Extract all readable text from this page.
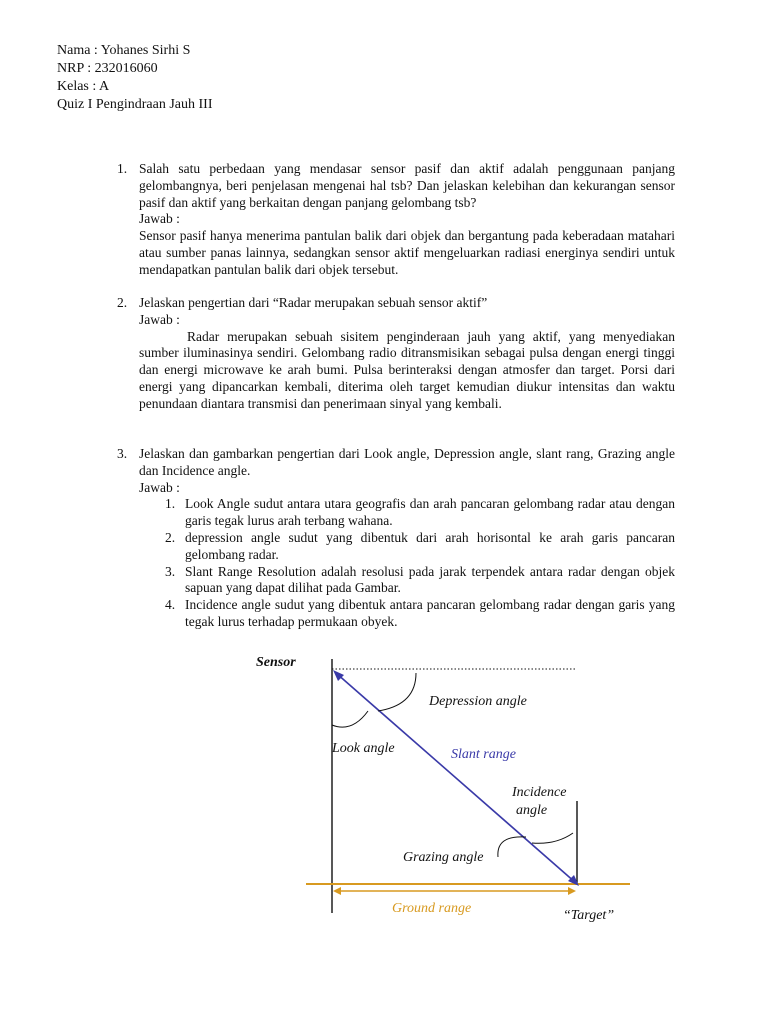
Nama : Yohanes Sirhi S
NRP : 232016060
Kelas : A
Quiz I Pengindraan Jauh III
1. Salah satu perbedaan yang mendasar sensor pasif dan aktif adalah penggunaan panjang gelombangnya, beri penjelasan mengenai hal tsb? Dan jelaskan kelebihan dan kekurangan sensor pasif dan aktif yang berkaitan dengan panjang gelombang tsb?

Jawab :

Sensor pasif hanya menerima pantulan balik dari objek dan bergantung pada keberadaan matahari atau sumber panas lainnya, sedangkan sensor aktif mengeluarkan radiasi energinya sendiri untuk mendapatkan pantulan balik dari objek tersebut.

2. Jelaskan pengertian dari “Radar merupakan sebuah sensor aktif”

Jawab :

Radar merupakan sebuah sisitem penginderaan jauh yang aktif, yang menyediakan sumber iluminasinya sendiri. Gelombang radio ditransmisikan sebagai pulsa dengan energi tinggi dan energi microwave ke arah bumi. Pulsa berinteraksi dengan atmosfer dan target. Porsi dari energi yang dipancarkan kembali, diterima oleh target kemudian diukur intensitas dan waktu penundaan diantara transmisi dan penerimaan sinyal yang kembali.

3. Jelaskan dan gambarkan pengertian dari Look angle, Depression angle, slant rang, Grazing angle dan Incidence angle.

Jawab :

1. Look Angle sudut antara utara geografis dan arah pancaran gelombang radar atau dengan garis tegak lurus arah terbang wahana.
2. depression angle sudut yang dibentuk dari arah horisontal ke arah garis pancaran gelombang radar.
3. Slant Range Resolution adalah resolusi pada jarak terpendek antara radar dengan objek sapuan yang dapat dilihat pada Gambar.
4. Incidence angle sudut yang dibentuk antara pancaran gelombang radar dengan garis yang tegak lurus terhadap permukaan obyek.
Sensor
Depression angle
Look angle	Slant range
Incidence
angle
Grazing angle
Ground range	“Target”
